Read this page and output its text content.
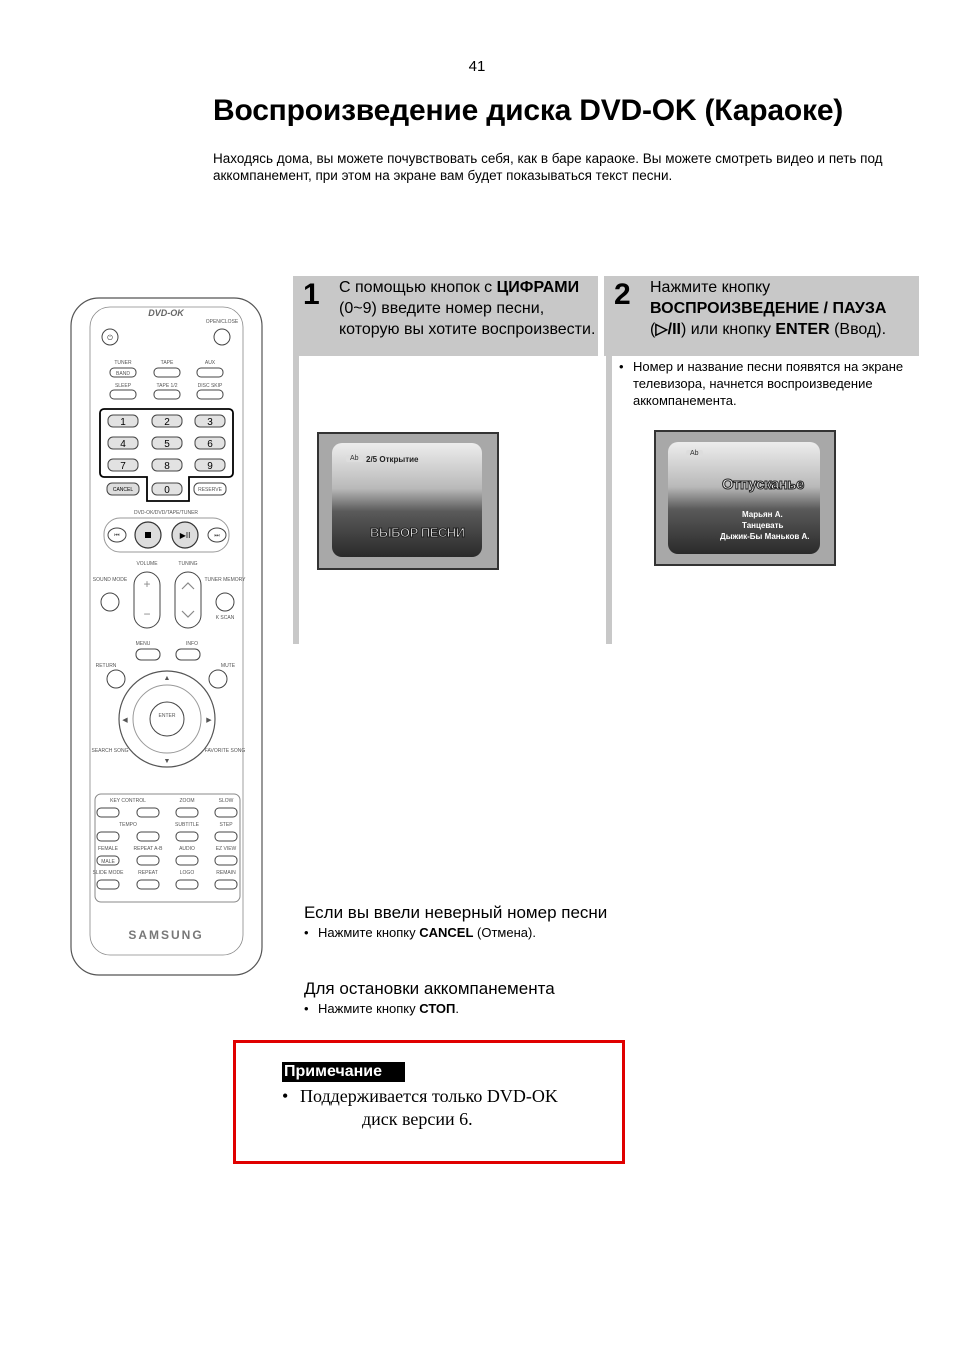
41
Воспроизведение диска DVD-OK (Караоке)
Находясь дома, вы можете почувствовать себя, как в баре караоке. Вы можете смотреть видео и петь под аккомпанемент, при этом на экране вам будет показываться текст песни.
1 С помощью кнопок с ЦИФРАМИ (0~9) введите номер песни, которую вы хотите воспроизвести.
2 Нажмите кнопку ВОСПРОИЗВЕДЕНИЕ / ПАУЗА (▷/II) или кнопку ENTER (Ввод).
• Номер и название песни появятся на экране телевизора, начнется воспроизведение аккомпанемента.
Ab 2/5 Открытие
ВЫБОР ПЕСНИ
Ab
Отпусканье
Марьян А.
Танцевать
Дыжик-Бы Маньков А.
Если вы ввели неверный номер песни
• Нажмите кнопку CANCEL (Отмена).
Для остановки аккомпанемента
• Нажмите кнопку СТОП.
Примечание
• Поддерживается только DVD-OK
диск версии 6.
DVD-OK
⏻
OPEN/CLOSE
TUNER	TAPE	AUX
BAND
SLEEP	TAPE 1/2	DISC SKIP
1	2	3
4	5	6
7	8	9
0
CANCEL	RESERVE
DVD-OK/DVD/TAPE/TUNER
⏮	▶II	⏭
SOUND MODE
VOLUME
+
−
TUNING
TUNER MEMORY
K SCAN
MENU	INFO
RETURN	MUTE
▲
▼
◀	▶
ENTER
SEARCH SONG	FAVORITE SONG
KEY CONTROL	ZOOM	SLOW
TEMPO	SUBTITLE	STEP
FEMALE	REPEAT A-B	AUDIO	EZ VIEW
SLIDE MODE	REPEAT	LOGO	REMAIN
MALE
SAMSUNG
